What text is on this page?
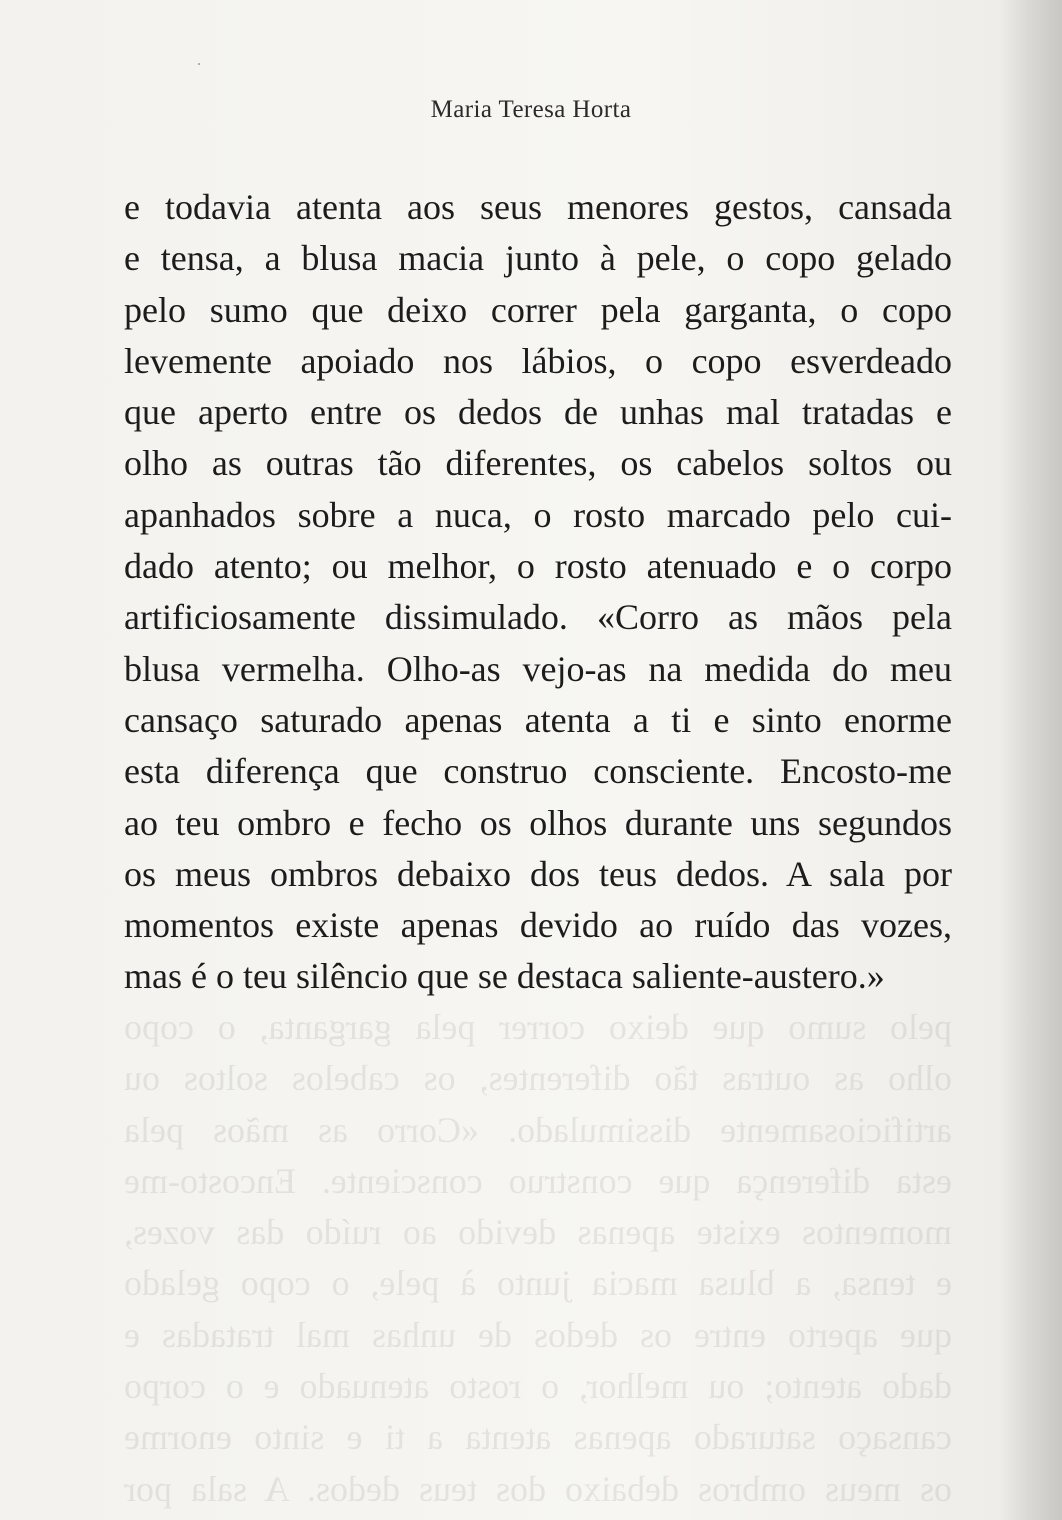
Maria Teresa Horta
e todavia atenta aos seus menores gestos, cansada
e tensa, a blusa macia junto à pele, o copo gelado
pelo sumo que deixo correr pela garganta, o copo
levemente apoiado nos lábios, o copo esverdeado
que aperto entre os dedos de unhas mal tratadas e
olho as outras tão diferentes, os cabelos soltos ou
apanhados sobre a nuca, o rosto marcado pelo cui-
dado atento; ou melhor, o rosto atenuado e o corpo
artificiosamente dissimulado. «Corro as mãos pela
blusa vermelha. Olho-as vejo-as na medida do meu
cansaço saturado apenas atenta a ti e sinto enorme
esta diferença que construo consciente. Encosto-me
ao teu ombro e fecho os olhos durante uns segundos
os meus ombros debaixo dos teus dedos. A sala por
momentos existe apenas devido ao ruído das vozes,
mas é o teu silêncio que se destaca saliente-austero.»
pelo sumo que deixo correr pela garganta, o copo
olho as outras tão diferentes, os cabelos soltos ou
artificiosamente dissimulado. «Corro as mãos pela
esta diferença que construo consciente. Encosto-me
momentos existe apenas devido ao ruído das vozes,
e tensa, a blusa macia junto à pele, o copo gelado
que aperto entre os dedos de unhas mal tratadas e
dado atento; ou melhor, o rosto atenuado e o corpo
cansaço saturado apenas atenta a ti e sinto enorme
os meus ombros debaixo dos teus dedos. A sala por
